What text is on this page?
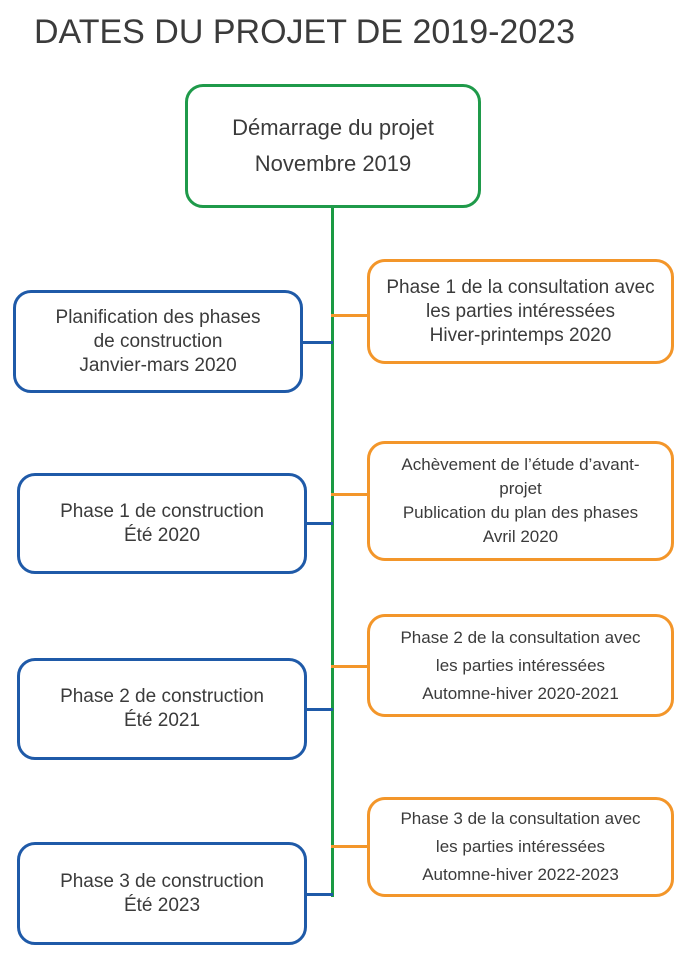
DATES DU PROJET DE 2019-2023
Démarrage du projet
Novembre 2019
Planification des phases
de construction
Janvier-mars 2020
Phase 1 de construction
Été 2020
Phase 2 de construction
Été 2021
Phase 3 de construction
Été 2023
Phase 1 de la consultation avec
les parties intéressées
Hiver-printemps 2020
Achèvement de l’étude d’avant-
projet
Publication du plan des phases
Avril 2020
Phase 2 de la consultation avec
les parties intéressées
Automne-hiver 2020-2021
Phase 3 de la consultation avec
les parties intéressées
Automne-hiver 2022-2023
